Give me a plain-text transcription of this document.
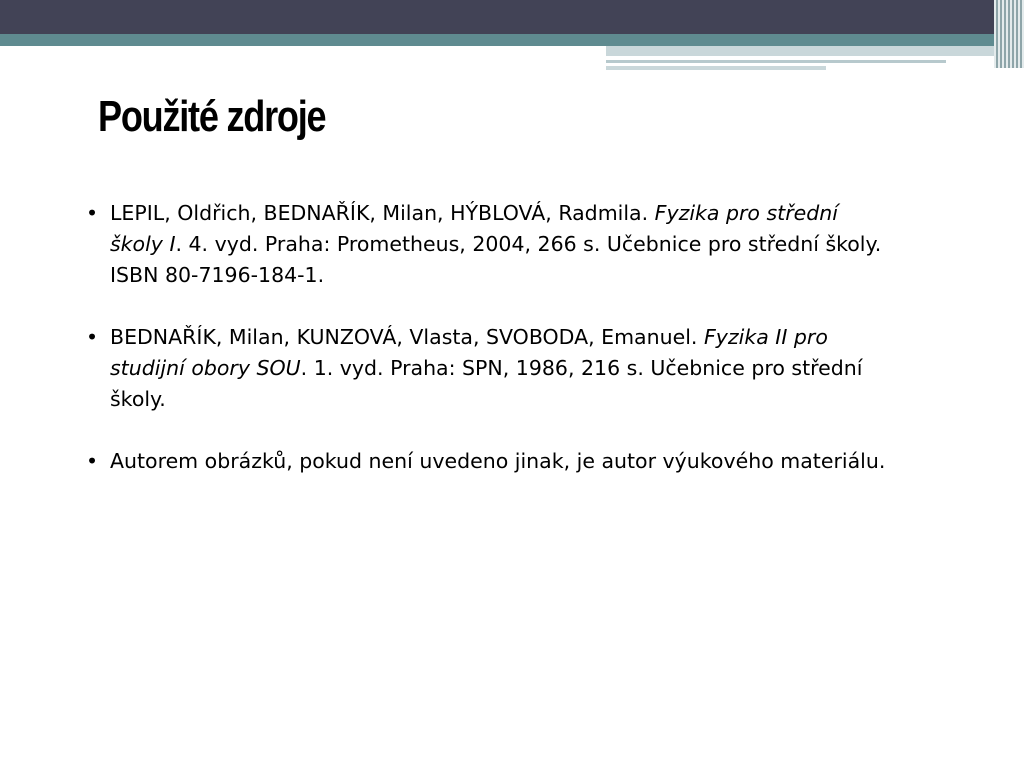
Použité zdroje
• LEPIL, Oldřich, BEDNAŘÍK, Milan, HÝBLOVÁ, Radmila. Fyzika pro střední školy I. 4. vyd. Praha: Prometheus, 2004, 266 s. Učebnice pro střední školy. ISBN 80-7196-184-1.
• BEDNAŘÍK, Milan, KUNZOVÁ, Vlasta, SVOBODA, Emanuel. Fyzika II pro studijní obory SOU. 1. vyd. Praha: SPN, 1986, 216 s. Učebnice pro střední školy.
• Autorem obrázků, pokud není uvedeno jinak, je autor výukového materiálu.
